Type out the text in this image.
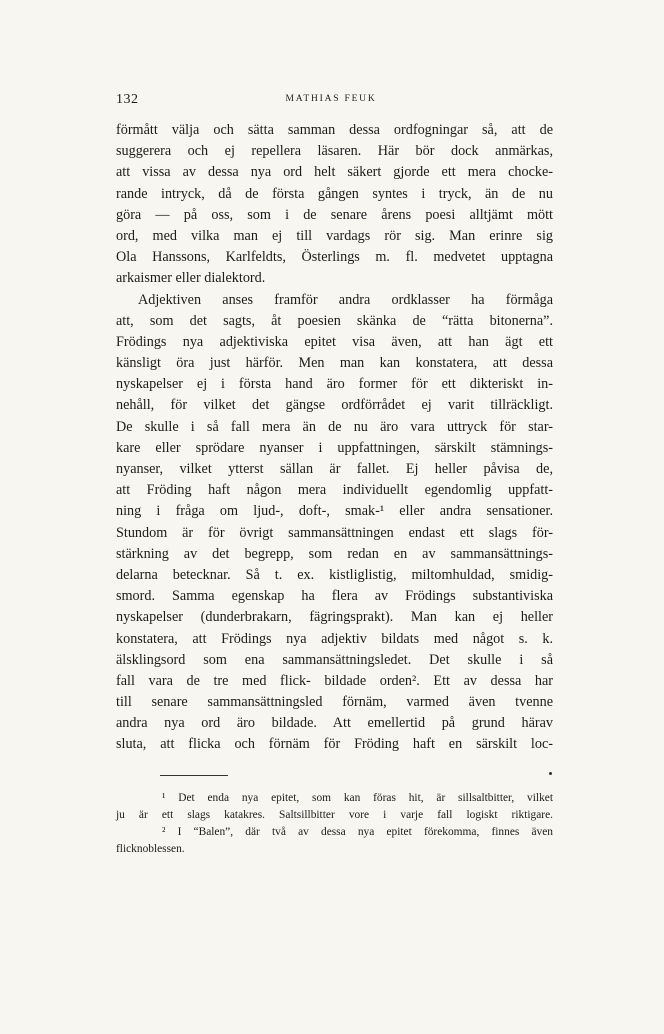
132	MATHIAS FEUK
förmått välja och sätta samman dessa ordfogningar så, att de
suggerera och ej repellera läsaren. Här bör dock anmärkas,
att vissa av dessa nya ord helt säkert gjorde ett mera chocke-
rande intryck, då de första gången syntes i tryck, än de nu
göra — på oss, som i de senare årens poesi alltjämt mött
ord, med vilka man ej till vardags rör sig. Man erinre sig
Ola Hanssons, Karlfeldts, Österlings m. fl. medvetet upptagna
arkaismer eller dialektord.
Adjektiven anses framför andra ordklasser ha förmåga
att, som det sagts, åt poesien skänka de “rätta bitonerna”.
Frödings nya adjektiviska epitet visa även, att han ägt ett
känsligt öra just härför. Men man kan konstatera, att dessa
nyskapelser ej i första hand äro former för ett dikteriskt in-
nehåll, för vilket det gängse ordförrådet ej varit tillräckligt.
De skulle i så fall mera än de nu äro vara uttryck för star-
kare eller sprödare nyanser i uppfattningen, särskilt stämnings-
nyanser, vilket ytterst sällan är fallet. Ej heller påvisa de,
att Fröding haft någon mera individuellt egendomlig uppfatt-
ning i fråga om ljud-, doft-, smak-¹ eller andra sensationer.
Stundom är för övrigt sammansättningen endast ett slags för-
stärkning av det begrepp, som redan en av sammansättnings-
delarna betecknar. Så t. ex. kistliglistig, miltomhuldad, smidig-
smord. Samma egenskap ha flera av Frödings substantiviska
nyskapelser (dunderbrakarn, fägringsprakt). Man kan ej heller
konstatera, att Frödings nya adjektiv bildats med något s. k.
älsklingsord som ena sammansättningsledet. Det skulle i så
fall vara de tre med flick- bildade orden². Ett av dessa har
till senare sammansättningsled förnäm, varmed även tvenne
andra nya ord äro bildade. Att emellertid på grund härav
sluta, att flicka och förnäm för Fröding haft en särskilt loc-
¹ Det enda nya epitet, som kan föras hit, är sillsaltbitter, vilket
ju är ett slags katakres. Saltsillbitter vore i varje fall logiskt riktigare.
² I “Balen”, där två av dessa nya epitet förekomma, finnes även
flicknoblessen.
